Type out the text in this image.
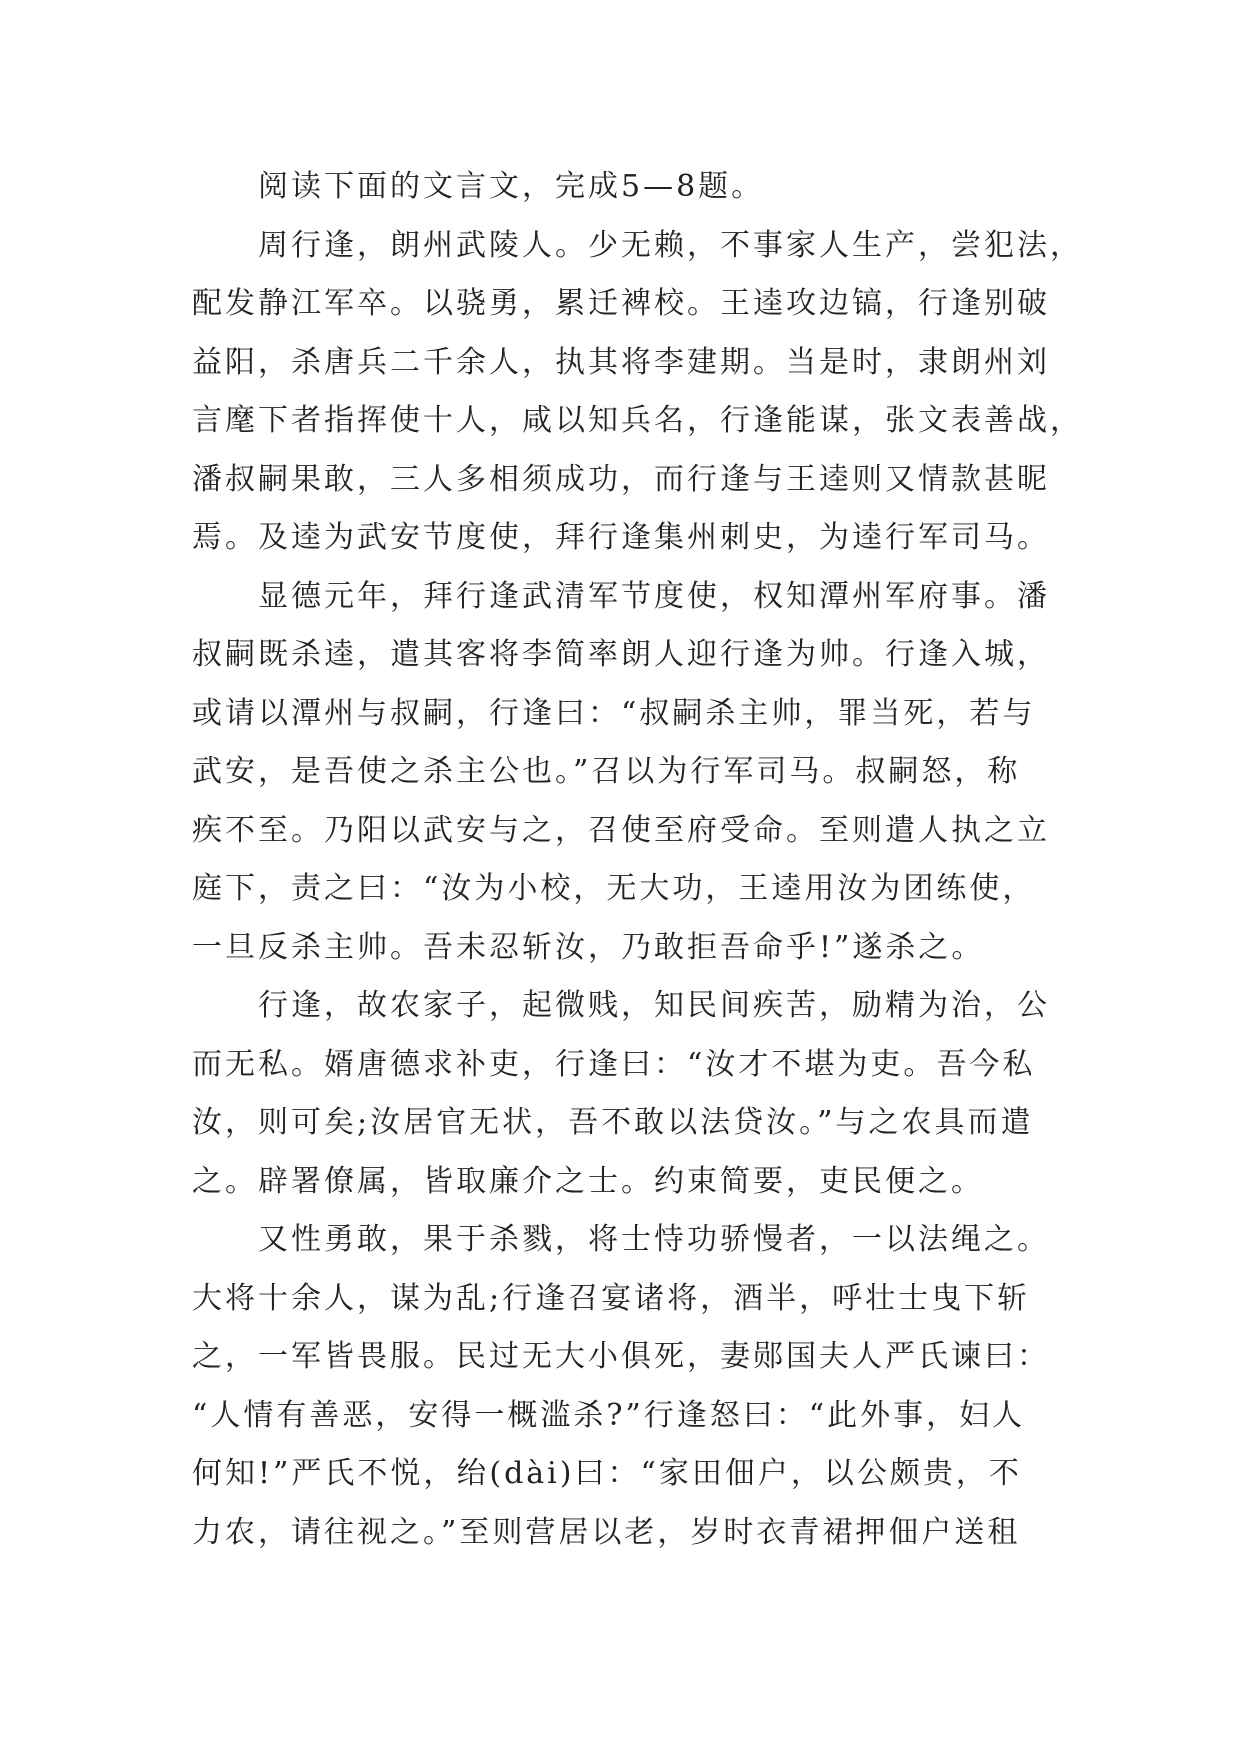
阅读下面的文言文，完成5—8题。
周行逢，朗州武陵人。少无赖，不事家人生产，尝犯法，
配发静江军卒。以骁勇，累迁裨校。王逵攻边镐，行逢别破
益阳，杀唐兵二千余人，执其将李建期。当是时，隶朗州刘
言麾下者指挥使十人，咸以知兵名，行逢能谋，张文表善战，
潘叔嗣果敢，三人多相须成功，而行逢与王逵则又情款甚昵
焉。及逵为武安节度使，拜行逢集州刺史，为逵行军司马。
显德元年，拜行逢武清军节度使，权知潭州军府事。潘
叔嗣既杀逵，遣其客将李简率朗人迎行逢为帅。行逢入城，
或请以潭州与叔嗣，行逢曰：“叔嗣杀主帅，罪当死，若与
武安，是吾使之杀主公也。”召以为行军司马。叔嗣怒，称
疾不至。乃阳以武安与之，召使至府受命。至则遣人执之立
庭下，责之曰：“汝为小校，无大功，王逵用汝为团练使，
一旦反杀主帅。吾未忍斩汝，乃敢拒吾命乎!”遂杀之。
行逢，故农家子，起微贱，知民间疾苦，励精为治，公
而无私。婿唐德求补吏，行逢曰：“汝才不堪为吏。吾今私
汝，则可矣;汝居官无状，吾不敢以法贷汝。”与之农具而遣
之。辟署僚属，皆取廉介之士。约束简要，吏民便之。
又性勇敢，果于杀戮，将士恃功骄慢者，一以法绳之。
大将十余人，谋为乱;行逢召宴诸将，酒半，呼壮士曳下斩
之，一军皆畏服。民过无大小俱死，妻郧国夫人严氏谏曰：
“人情有善恶，安得一概滥杀?”行逢怒曰：“此外事，妇人
何知!”严氏不悦，绐(dài)曰：“家田佃户，以公颇贵，不
力农，请往视之。”至则营居以老，岁时衣青裙押佃户送租
